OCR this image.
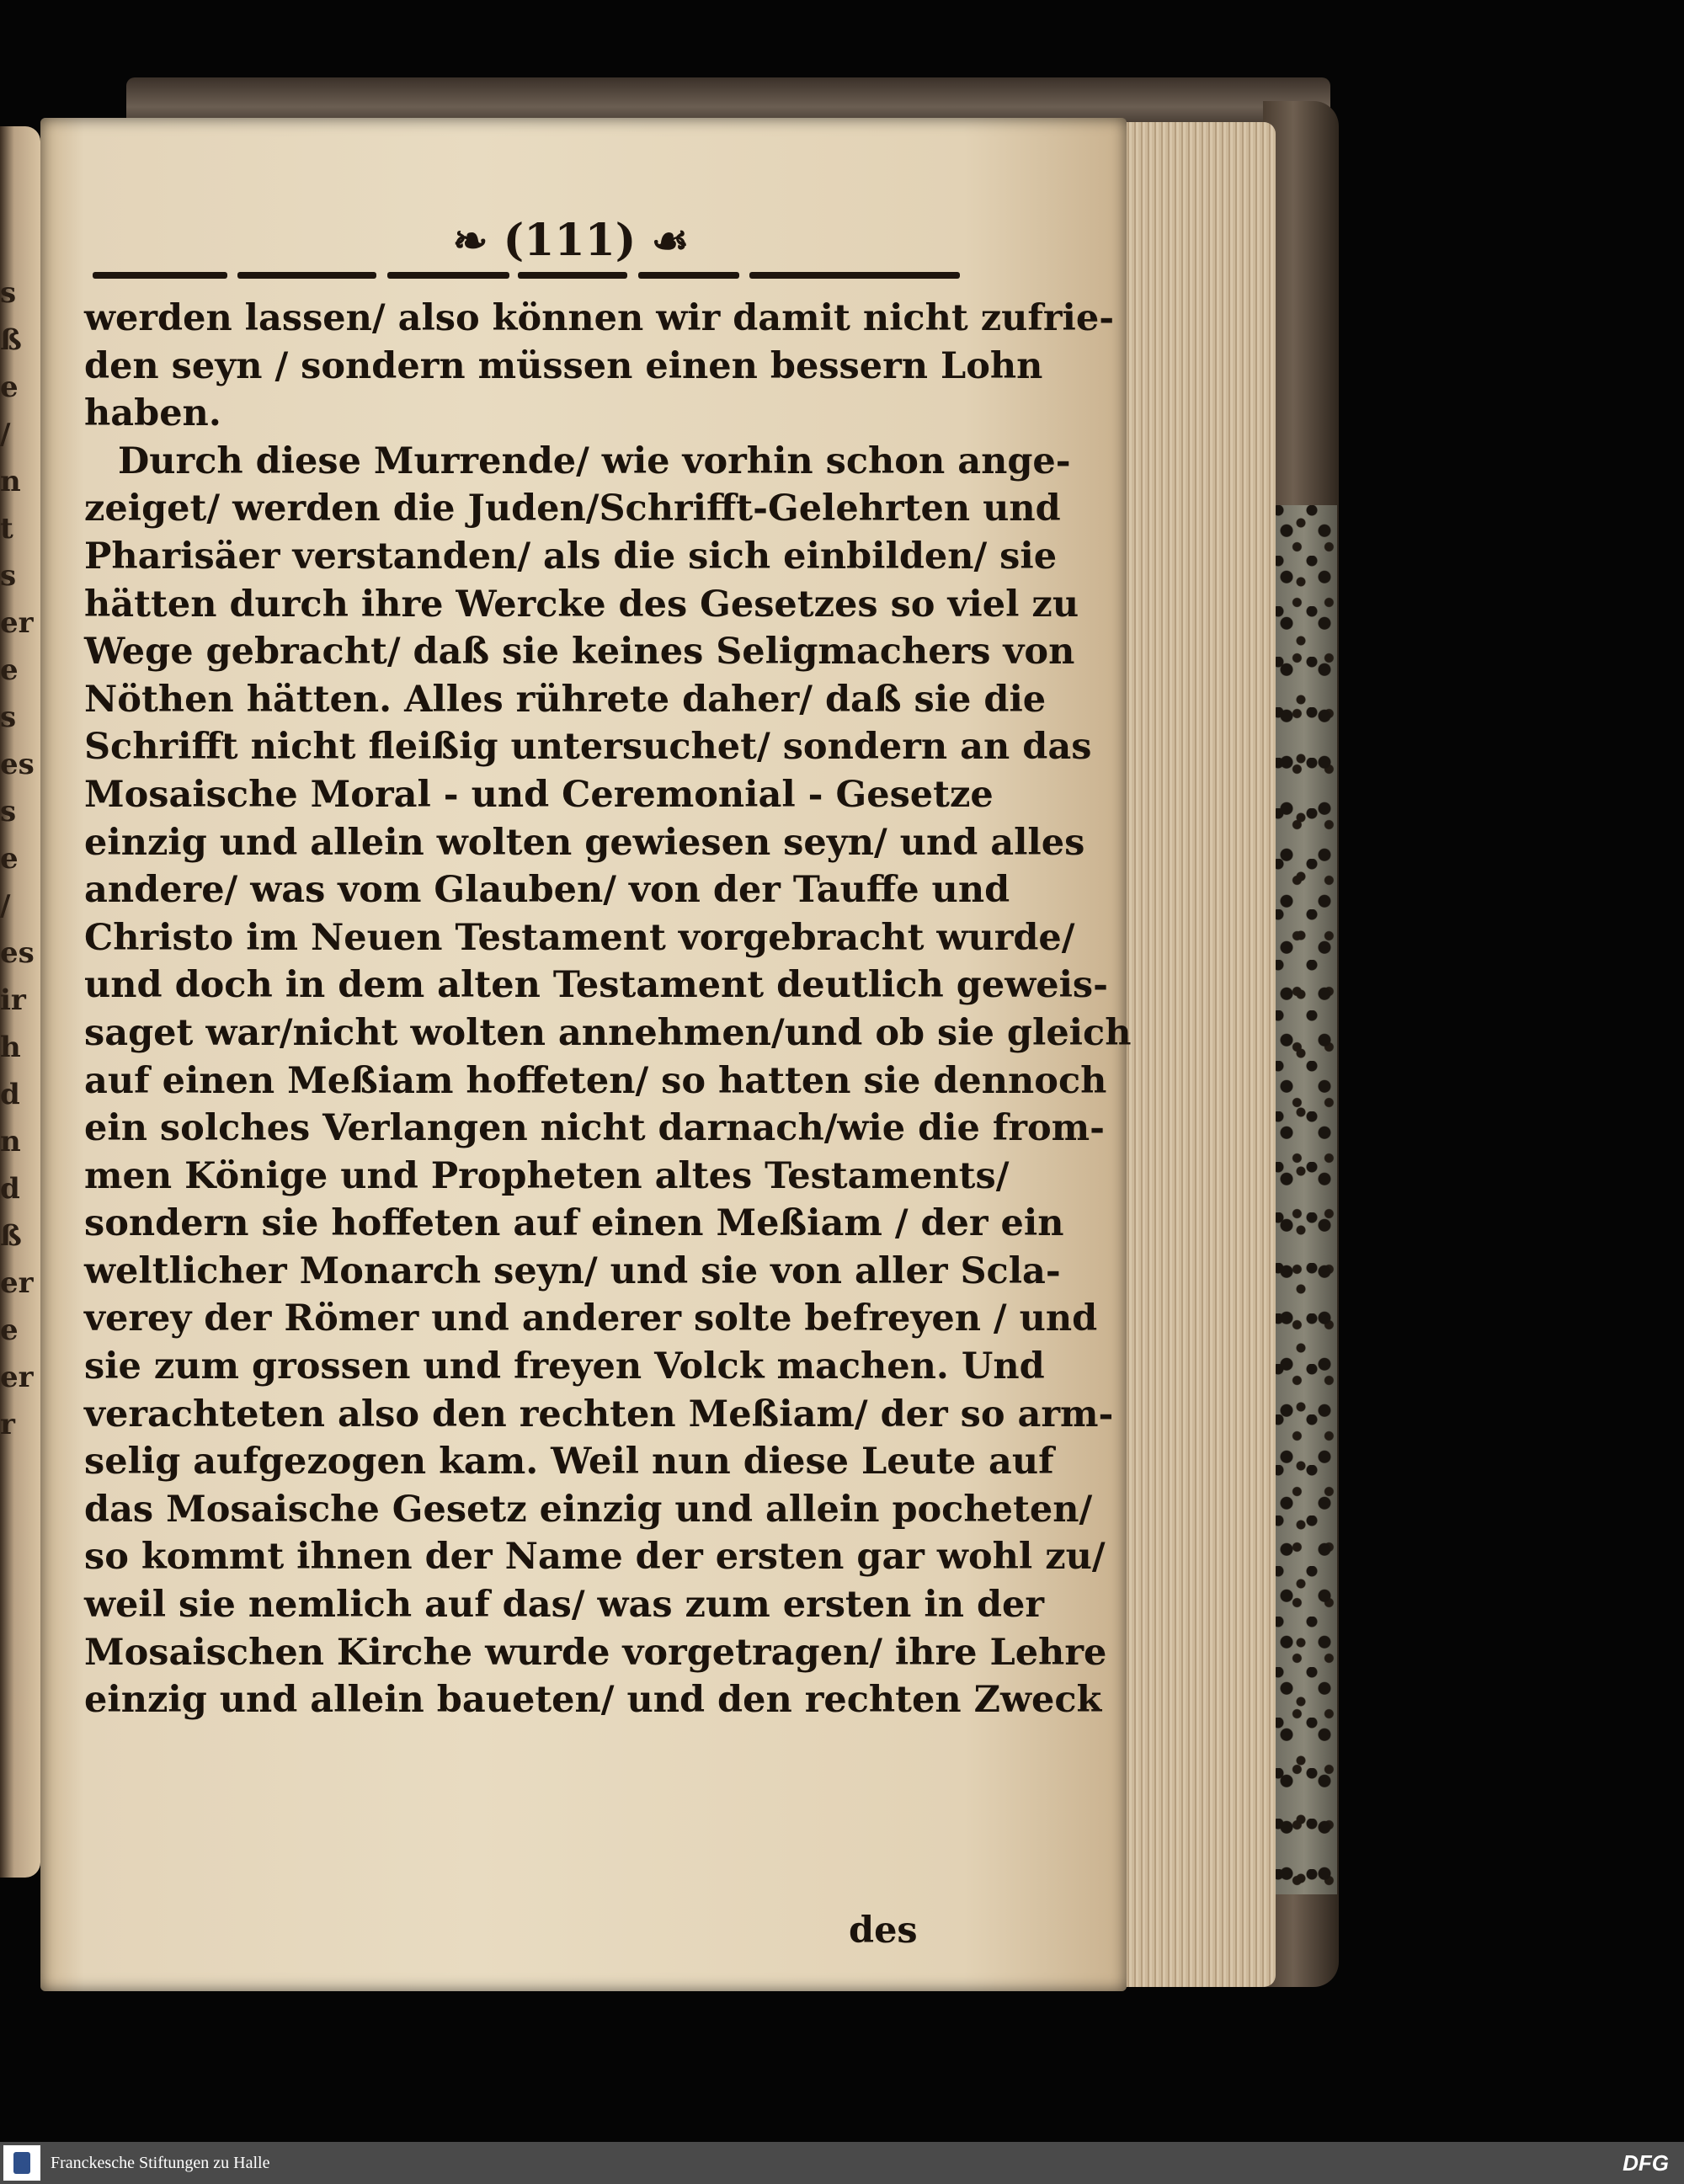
s
ß
e
/
n
t
s
er
e
s
es
s
e
/
es
ir
h
d
n
d
ß
er
e
er
r
❧ (111) ☙
werden lassen/ also können wir damit nicht zufrie-
den seyn / sondern müssen einen bessern Lohn
haben.
Durch diese Murrende/ wie vorhin schon ange-
zeiget/ werden die Juden/Schrifft-Gelehrten und
Pharisäer verstanden/ als die sich einbilden/ sie
hätten durch ihre Wercke des Gesetzes so viel zu
Wege gebracht/ daß sie keines Seligmachers von
Nöthen hätten. Alles rührete daher/ daß sie die
Schrifft nicht fleißig untersuchet/ sondern an das
Mosaische Moral - und Ceremonial - Gesetze
einzig und allein wolten gewiesen seyn/ und alles
andere/ was vom Glauben/ von der Tauffe und
Christo im Neuen Testament vorgebracht wurde/
und doch in dem alten Testament deutlich geweis-
saget war/nicht wolten annehmen/und ob sie gleich
auf einen Meßiam hoffeten/ so hatten sie dennoch
ein solches Verlangen nicht darnach/wie die from-
men Könige und Propheten altes Testaments/
sondern sie hoffeten auf einen Meßiam / der ein
weltlicher Monarch seyn/ und sie von aller Scla-
verey der Römer und anderer solte befreyen / und
sie zum grossen und freyen Volck machen. Und
verachteten also den rechten Meßiam/ der so arm-
selig aufgezogen kam. Weil nun diese Leute auf
das Mosaische Gesetz einzig und allein pocheten/
so kommt ihnen der Name der ersten gar wohl zu/
weil sie nemlich auf das/ was zum ersten in der
Mosaischen Kirche wurde vorgetragen/ ihre Lehre
einzig und allein baueten/ und den rechten Zweck
des
Franckesche Stiftungen zu Halle	DFG
